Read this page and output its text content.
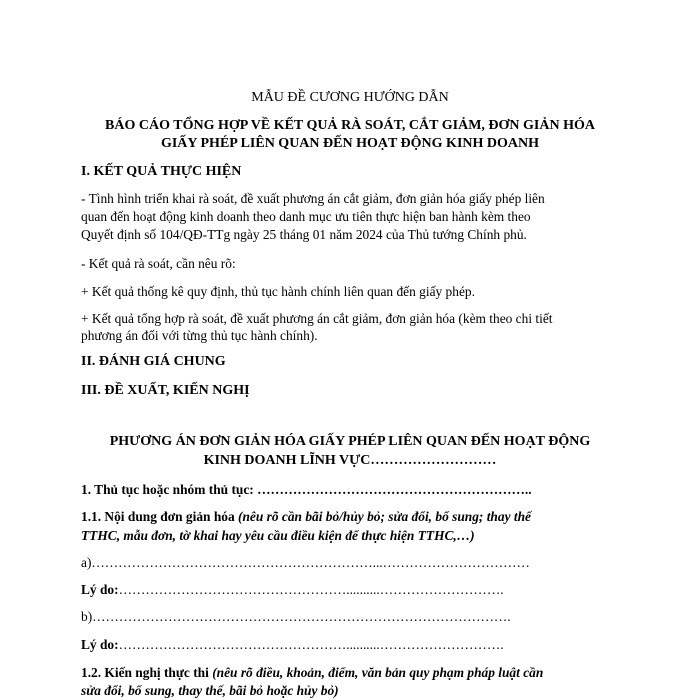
MẪU ĐỀ CƯƠNG HƯỚNG DẪN
BÁO CÁO TỔNG HỢP VỀ KẾT QUẢ RÀ SOÁT, CẮT GIẢM, ĐƠN GIẢN HÓA
GIẤY PHÉP LIÊN QUAN ĐẾN HOẠT ĐỘNG KINH DOANH
I. KẾT QUẢ THỰC HIỆN
- Tình hình triển khai rà soát, đề xuất phương án cắt giảm, đơn giản hóa giấy phép liên
quan đến hoạt động kinh doanh theo danh mục ưu tiên thực hiện ban hành kèm theo
Quyết định số 104/QĐ-TTg ngày 25 tháng 01 năm 2024 của Thủ tướng Chính phủ.
- Kết quả rà soát, cần nêu rõ:
+ Kết quả thống kê quy định, thủ tục hành chính liên quan đến giấy phép.
+ Kết quả tổng hợp rà soát, đề xuất phương án cắt giảm, đơn giản hóa (kèm theo chi tiết
phương án đối với từng thủ tục hành chính).
II. ĐÁNH GIÁ CHUNG
III. ĐỀ XUẤT, KIẾN NGHỊ
PHƯƠNG ÁN ĐƠN GIẢN HÓA GIẤY PHÉP LIÊN QUAN ĐẾN HOẠT ĐỘNG
KINH DOANH LĨNH VỰC………………………
1. Thủ tục hoặc nhóm thủ tục: ……………………………………………………..
1.1. Nội dung đơn giản hóa (nêu rõ cần bãi bỏ/hủy bỏ; sửa đổi, bổ sung; thay thế
TTHC, mẫu đơn, tờ khai hay yêu cầu điều kiện để thực hiện TTHC,…)
a)………………………………………………………...……………………………
Lý do:……………………………………………..........……………………….
b)………………………………………………………………………………….
Lý do:……………………………………………..........……………………….
1.2. Kiến nghị thực thi (nêu rõ điều, khoản, điểm, văn bản quy phạm pháp luật cần
sửa đổi, bổ sung, thay thế, bãi bỏ hoặc hủy bỏ)
